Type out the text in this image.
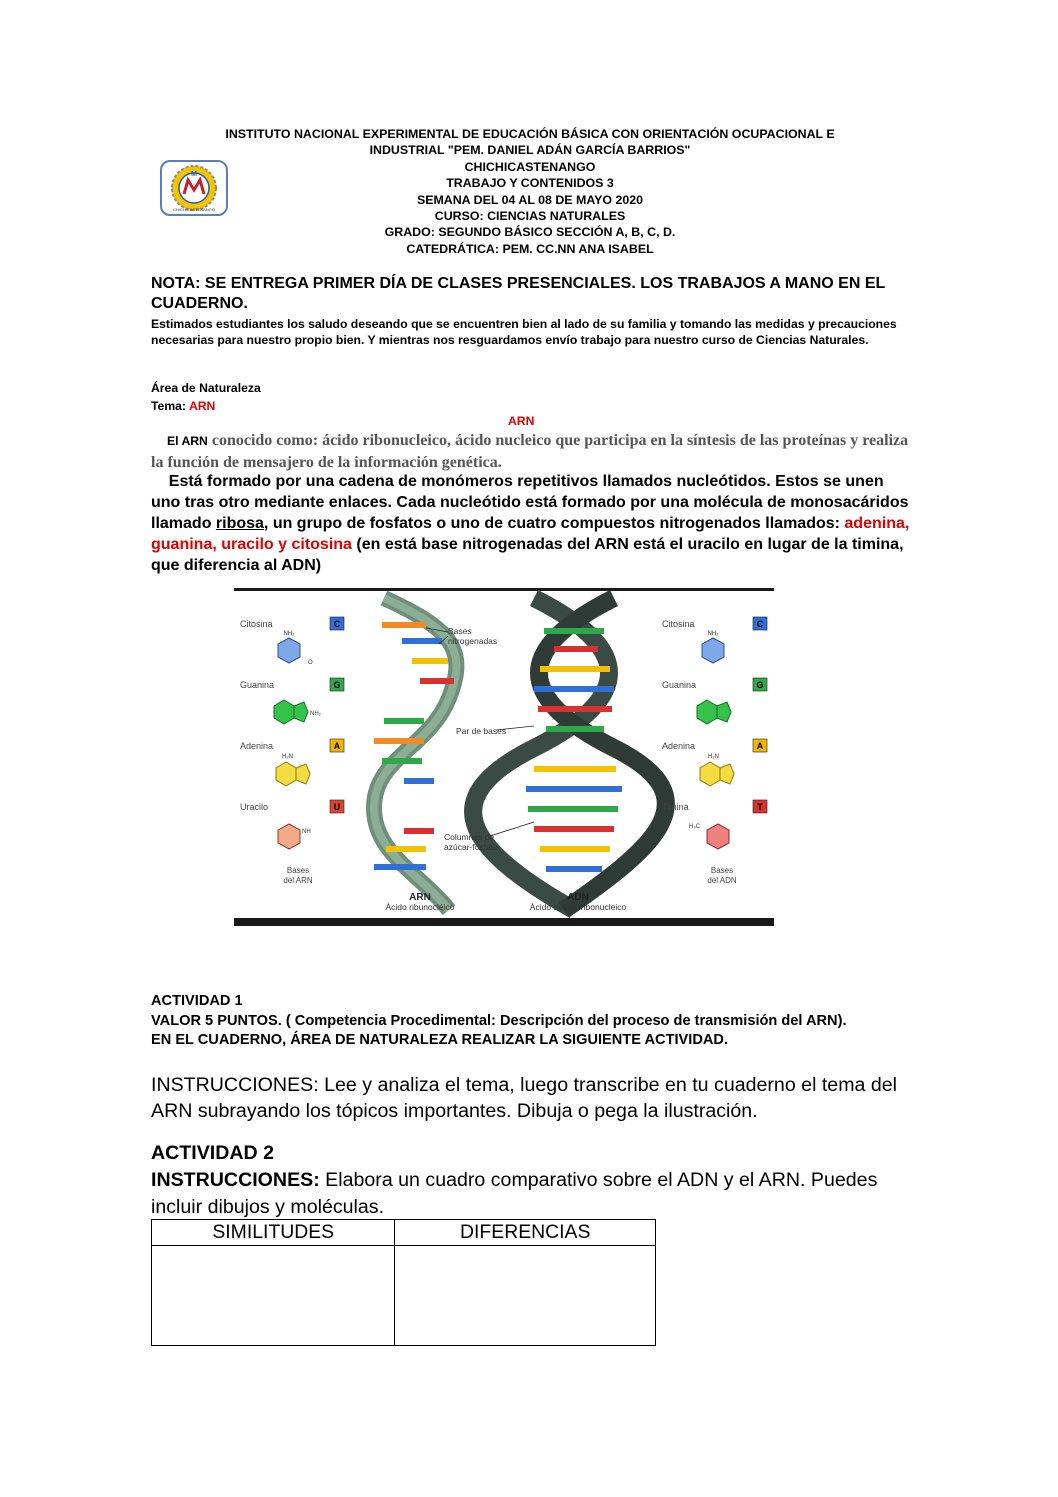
INSTITUTO NACIONAL EXPERIMENTAL DE EDUCACIÓN BÁSICA CON ORIENTACIÓN OCUPACIONAL E
INDUSTRIAL "PEM. DANIEL ADÁN GARCÍA BARRIOS"
CHICHICASTENANGO
TRABAJO Y CONTENIDOS 3
SEMANA DEL 04 AL 08 DE MAYO 2020
CURSO: CIENCIAS NATURALES
GRADO: SEGUNDO BÁSICO SECCIÓN A, B, C, D.
CATEDRÁTICA: PEM. CC.NN ANA ISABEL
M
CHICHICASTENANGO
NOTA: SE ENTREGA PRIMER DÍA DE CLASES PRESENCIALES. LOS TRABAJOS A MANO EN EL CUADERNO.
Estimados estudiantes los saludo deseando que se encuentren bien al lado de su familia y tomando las medidas y precauciones necesarias para nuestro propio bien. Y mientras nos resguardamos envío trabajo para nuestro curso de Ciencias Naturales.
Área de Naturaleza
Tema: ARN
ARN
El ARN conocido como: ácido ribonucleico, ácido nucleico que participa en la síntesis de las proteínas y realiza la función de mensajero de la información genética.
Está formado por una cadena de monómeros repetitivos llamados nucleótidos. Estos se unen uno tras otro mediante enlaces. Cada nucleótido está formado por una molécula de monosacáridos llamado ribosa, un grupo de fosfatos o uno de cuatro compuestos nitrogenados llamados: adenina, guanina, uracilo y citosina (en está base nitrogenadas del ARN está el uracilo en lugar de la timina, que diferencia al ADN)
Citosina	C
NH₂
O
Guanina	G
NH₂
Adenina	A
H₂N
Uracilo	U
NH
Bases
del ARN
Bases
nitrogenadas
Par de bases
Columnas de
azúcar-fosfato
ARN
Ácido ribunocléico
ADN
Ácido desoxirribonucleico
Citosina	C
NH₂
Guanina	G
Adenina	A
H₂N
Timina	T
H₃C
Bases
del ADN
ACTIVIDAD 1
VALOR 5 PUNTOS. ( Competencia Procedimental: Descripción del proceso de transmisión del ARN).
EN EL CUADERNO, ÁREA DE NATURALEZA REALIZAR LA SIGUIENTE ACTIVIDAD.
INSTRUCCIONES: Lee y analiza el tema, luego transcribe en tu cuaderno el tema del ARN subrayando los tópicos importantes. Dibuja o pega la ilustración.
ACTIVIDAD 2
INSTRUCCIONES: Elabora un cuadro comparativo sobre el ADN y el ARN. Puedes incluir dibujos y moléculas.
SIMILITUDES	DIFERENCIAS
